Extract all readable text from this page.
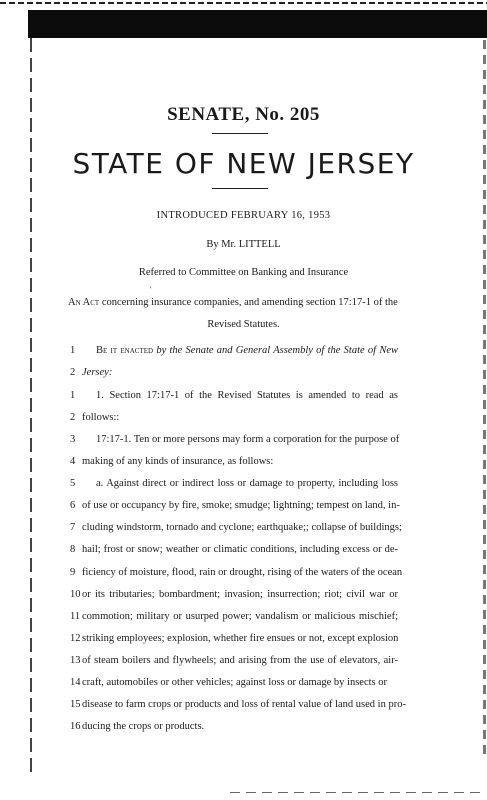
SENATE, No. 205
STATE OF NEW JERSEY
INTRODUCED FEBRUARY 16, 1953
By Mr. LITTELL
Referred to Committee on Banking and Insurance
'
An Act concerning insurance companies, and amending section 17:17-1 of the
Revised Statutes.
1	Be it enacted by the Senate and General Assembly of the State of New
2 Jersey:
1	1. Section 17:17-1 of the Revised Statutes is amended to read as
2 follows::
3	17:17-1. Ten or more persons may form a corporation for the purpose of
4 making of any kinds of insurance, as follows:
5	a. Against direct or indirect loss or damage to property, including loss
6 of use or occupancy by fire, smoke; smudge; lightning; tempest on land, in-
7 cluding windstorm, tornado and cyclone; earthquake;; collapse of buildings;
8 hail; frost or snow; weather or climatic conditions, including excess or de-
9 ficiency of moisture, flood, rain or drought, rising of the waters of the ocean
10 or its tributaries; bombardment; invasion; insurrection; riot; civil war or
11 commotion; military or usurped power; vandalism or malicious mischief;
12 striking employees; explosion, whether fire ensues or not, except explosion
13 of steam boilers and flywheels; and arising from the use of elevators, air-
14 craft, automobiles or other vehicles; against loss or damage by insects or
15 disease to farm crops or products and loss of rental value of land used in pro-
16 ducing the crops or products.
